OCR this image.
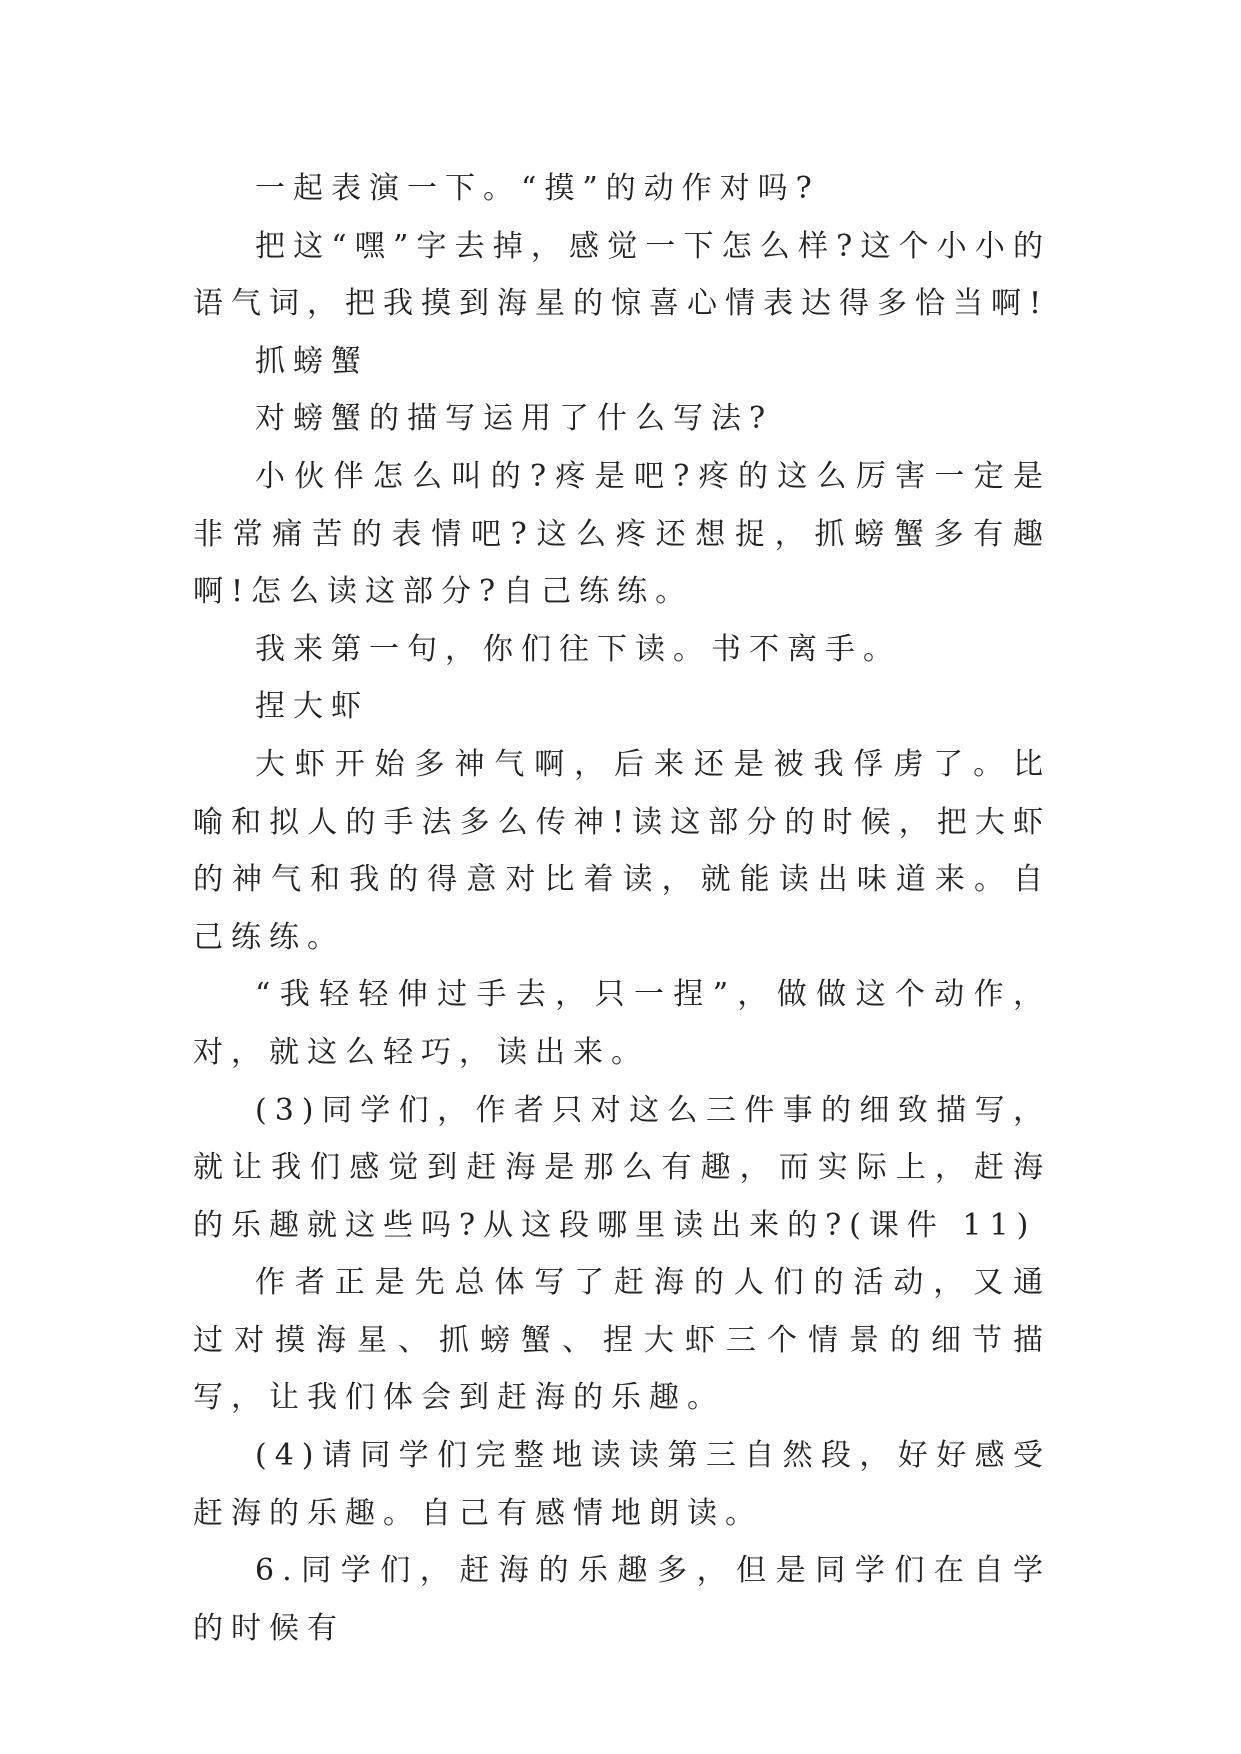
一起表演一下。“摸”的动作对吗?

把这“嘿”字去掉，感觉一下怎么样?这个小小的语气词，把我摸到海星的惊喜心情表达得多恰当啊!

抓螃蟹

对螃蟹的描写运用了什么写法?

小伙伴怎么叫的?疼是吧?疼的这么厉害一定是非常痛苦的表情吧?这么疼还想捉，抓螃蟹多有趣啊!怎么读这部分?自己练练。

我来第一句，你们往下读。书不离手。

捏大虾

大虾开始多神气啊，后来还是被我俘虏了。比喻和拟人的手法多么传神!读这部分的时候，把大虾的神气和我的得意对比着读，就能读出味道来。自己练练。

“我轻轻伸过手去，只一捏”，做做这个动作，对，就这么轻巧，读出来。

(3)同学们，作者只对这么三件事的细致描写，就让我们感觉到赶海是那么有趣，而实际上，赶海的乐趣就这些吗?从这段哪里读出来的?(课件 11)

作者正是先总体写了赶海的人们的活动，又通过对摸海星、抓螃蟹、捏大虾三个情景的细节描写，让我们体会到赶海的乐趣。

(4)请同学们完整地读读第三自然段，好好感受赶海的乐趣。自己有感情地朗读。

6.同学们，赶海的乐趣多，但是同学们在自学的时候有
